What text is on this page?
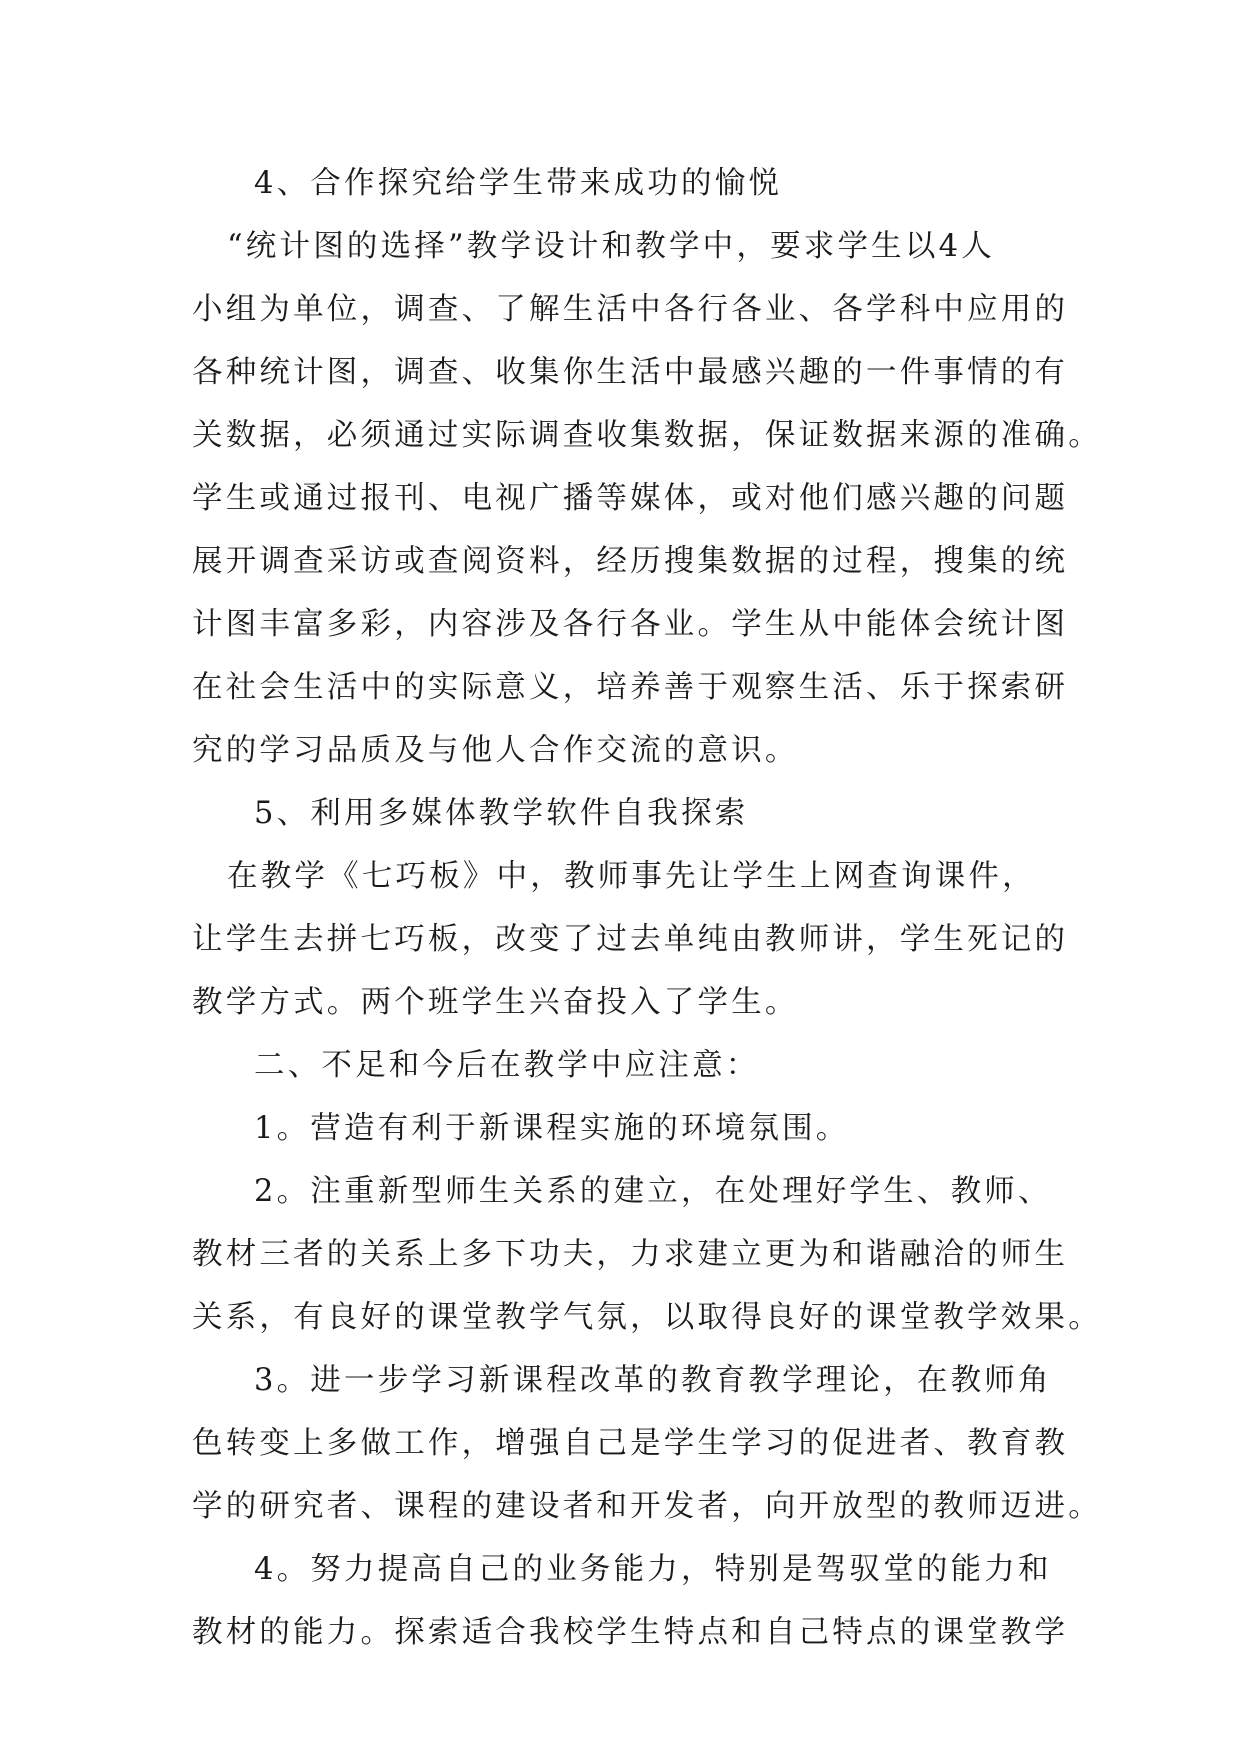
4、合作探究给学生带来成功的愉悦
“统计图的选择”教学设计和教学中，要求学生以4人
小组为单位，调查、了解生活中各行各业、各学科中应用的
各种统计图，调查、收集你生活中最感兴趣的一件事情的有
关数据，必须通过实际调查收集数据，保证数据来源的准确。
学生或通过报刊、电视广播等媒体，或对他们感兴趣的问题
展开调查采访或查阅资料，经历搜集数据的过程，搜集的统
计图丰富多彩，内容涉及各行各业。学生从中能体会统计图
在社会生活中的实际意义，培养善于观察生活、乐于探索研
究的学习品质及与他人合作交流的意识。
5、利用多媒体教学软件自我探索
在教学《七巧板》中，教师事先让学生上网查询课件，
让学生去拼七巧板，改变了过去单纯由教师讲，学生死记的
教学方式。两个班学生兴奋投入了学生。
二、不足和今后在教学中应注意：
1。营造有利于新课程实施的环境氛围。
2。注重新型师生关系的建立，在处理好学生、教师、
教材三者的关系上多下功夫，力求建立更为和谐融洽的师生
关系，有良好的课堂教学气氛，以取得良好的课堂教学效果。
3。进一步学习新课程改革的教育教学理论，在教师角
色转变上多做工作，增强自己是学生学习的促进者、教育教
学的研究者、课程的建设者和开发者，向开放型的教师迈进。
4。努力提高自己的业务能力，特别是驾驭堂的能力和
教材的能力。探索适合我校学生特点和自己特点的课堂教学
